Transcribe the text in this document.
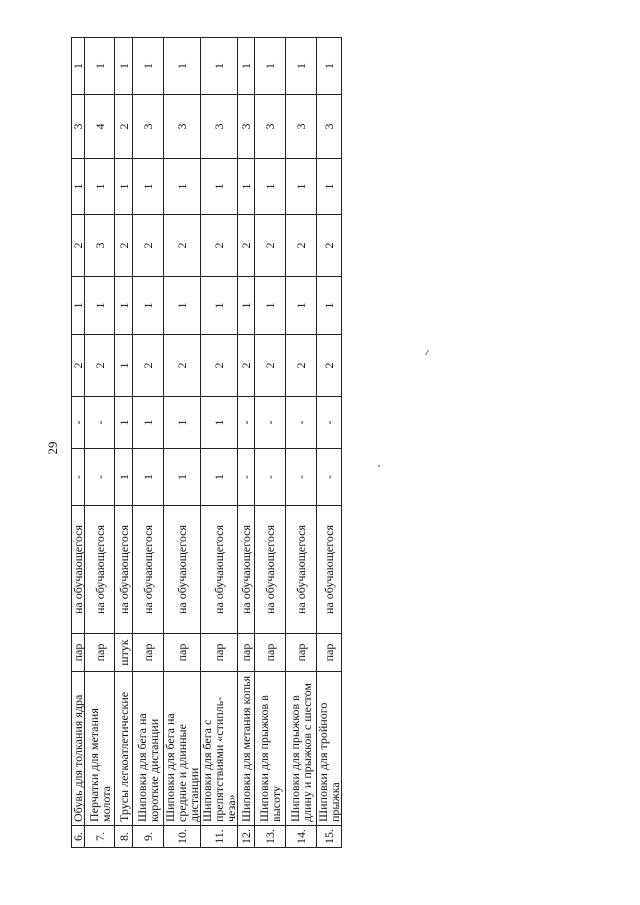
29
6.	Обувь для толкания ядра	пар	на обучающегося	-	-	2	1	2	1	3	1
7.	Перчатки для метания молота	пар	на обучающегося	-	-	2	1	3	1	4	1
8.	Трусы легкоатлетические	штук	на обучающегося	1	1	1	1	2	1	2	1
9.	Шиповки для бега на короткие дистанции	пар	на обучающегося	1	1	2	1	2	1	3	1
10.	Шиповки для бега на средние и длинные дистанции	пар	на обучающегося	1	1	2	1	2	1	3	1
11.	Шиповки для бега с препятствиями «стипль-чеза»	пар	на обучающегося	1	1	2	1	2	1	3	1
12.	Шиповки для метания копья	пар	на обучающегося	-	-	2	1	2	1	3	1
13.	Шиповки для прыжков в высоту	пар	на обучающегося	-	-	2	1	2	1	3	1
14.	Шиповки для прыжков в длину и прыжков с шестом	пар	на обучающегося	-	-	2	1	2	1	3	1
15.	Шиповки для тройного прыжка	пар	на обучающегося	-	-	2	1	2	1	3	1
